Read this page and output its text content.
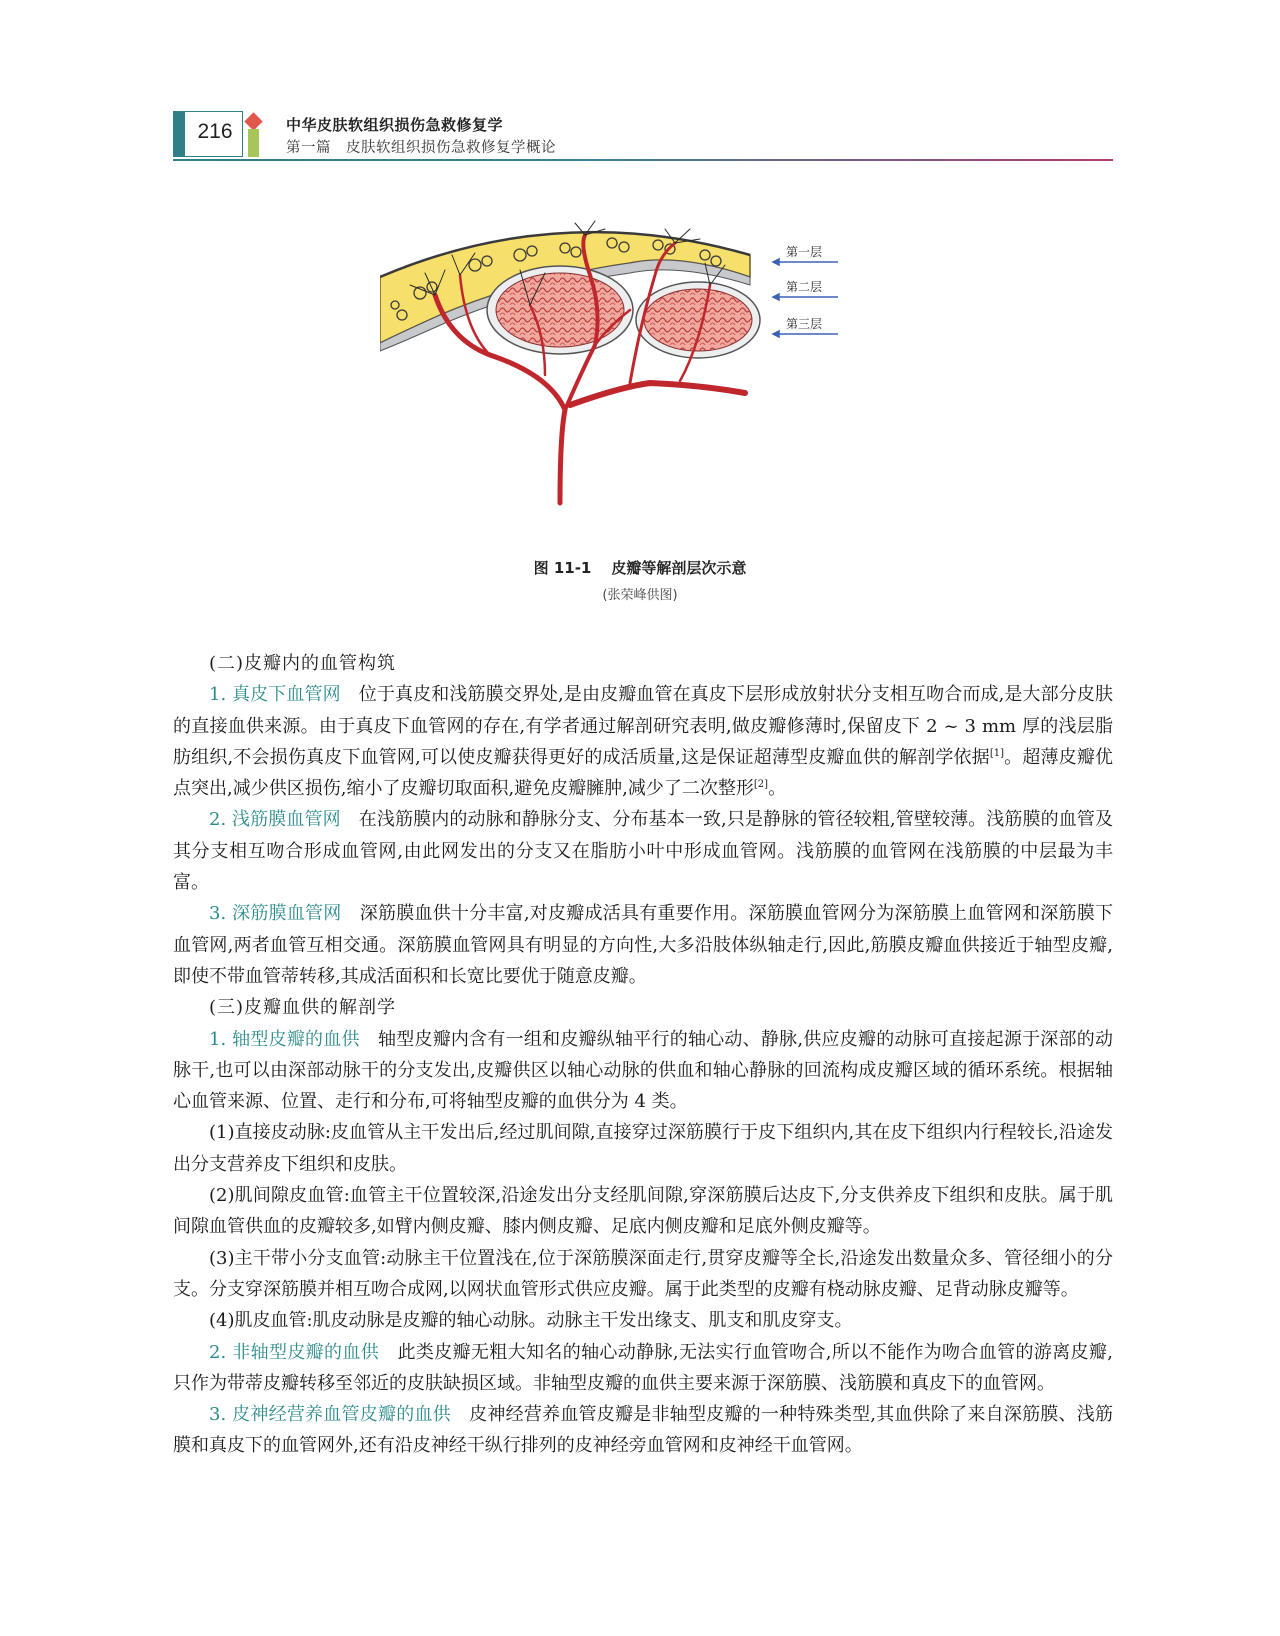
216	中华皮肤软组织损伤急救修复学
第一篇　皮肤软组织损伤急救修复学概论
第一层
第二层
第三层
图 11-1 皮瓣等解剖层次示意
(张荣峰供图)

(二)皮瓣内的血管构筑

1. 真皮下血管网　位于真皮和浅筋膜交界处,是由皮瓣血管在真皮下层形成放射状分支相互吻合而成,是大部分皮肤的直接血供来源。由于真皮下血管网的存在,有学者通过解剖研究表明,做皮瓣修薄时,保留皮下 2 ~ 3 mm 厚的浅层脂肪组织,不会损伤真皮下血管网,可以使皮瓣获得更好的成活质量,这是保证超薄型皮瓣血供的解剖学依据[1]。超薄皮瓣优点突出,减少供区损伤,缩小了皮瓣切取面积,避免皮瓣臃肿,减少了二次整形[2]。

2. 浅筋膜血管网　在浅筋膜内的动脉和静脉分支、分布基本一致,只是静脉的管径较粗,管壁较薄。浅筋膜的血管及其分支相互吻合形成血管网,由此网发出的分支又在脂肪小叶中形成血管网。浅筋膜的血管网在浅筋膜的中层最为丰富。

3. 深筋膜血管网　深筋膜血供十分丰富,对皮瓣成活具有重要作用。深筋膜血管网分为深筋膜上血管网和深筋膜下血管网,两者血管互相交通。深筋膜血管网具有明显的方向性,大多沿肢体纵轴走行,因此,筋膜皮瓣血供接近于轴型皮瓣,即使不带血管蒂转移,其成活面积和长宽比要优于随意皮瓣。

(三)皮瓣血供的解剖学

1. 轴型皮瓣的血供　轴型皮瓣内含有一组和皮瓣纵轴平行的轴心动、静脉,供应皮瓣的动脉可直接起源于深部的动脉干,也可以由深部动脉干的分支发出,皮瓣供区以轴心动脉的供血和轴心静脉的回流构成皮瓣区域的循环系统。根据轴心血管来源、位置、走行和分布,可将轴型皮瓣的血供分为 4 类。

(1)直接皮动脉:皮血管从主干发出后,经过肌间隙,直接穿过深筋膜行于皮下组织内,其在皮下组织内行程较长,沿途发出分支营养皮下组织和皮肤。

(2)肌间隙皮血管:血管主干位置较深,沿途发出分支经肌间隙,穿深筋膜后达皮下,分支供养皮下组织和皮肤。属于肌间隙血管供血的皮瓣较多,如臂内侧皮瓣、膝内侧皮瓣、足底内侧皮瓣和足底外侧皮瓣等。

(3)主干带小分支血管:动脉主干位置浅在,位于深筋膜深面走行,贯穿皮瓣等全长,沿途发出数量众多、管径细小的分支。分支穿深筋膜并相互吻合成网,以网状血管形式供应皮瓣。属于此类型的皮瓣有桡动脉皮瓣、足背动脉皮瓣等。

(4)肌皮血管:肌皮动脉是皮瓣的轴心动脉。动脉主干发出缘支、肌支和肌皮穿支。

2. 非轴型皮瓣的血供　此类皮瓣无粗大知名的轴心动静脉,无法实行血管吻合,所以不能作为吻合血管的游离皮瓣,只作为带蒂皮瓣转移至邻近的皮肤缺损区域。非轴型皮瓣的血供主要来源于深筋膜、浅筋膜和真皮下的血管网。

3. 皮神经营养血管皮瓣的血供　皮神经营养血管皮瓣是非轴型皮瓣的一种特殊类型,其血供除了来自深筋膜、浅筋膜和真皮下的血管网外,还有沿皮神经干纵行排列的皮神经旁血管网和皮神经干血管网。
